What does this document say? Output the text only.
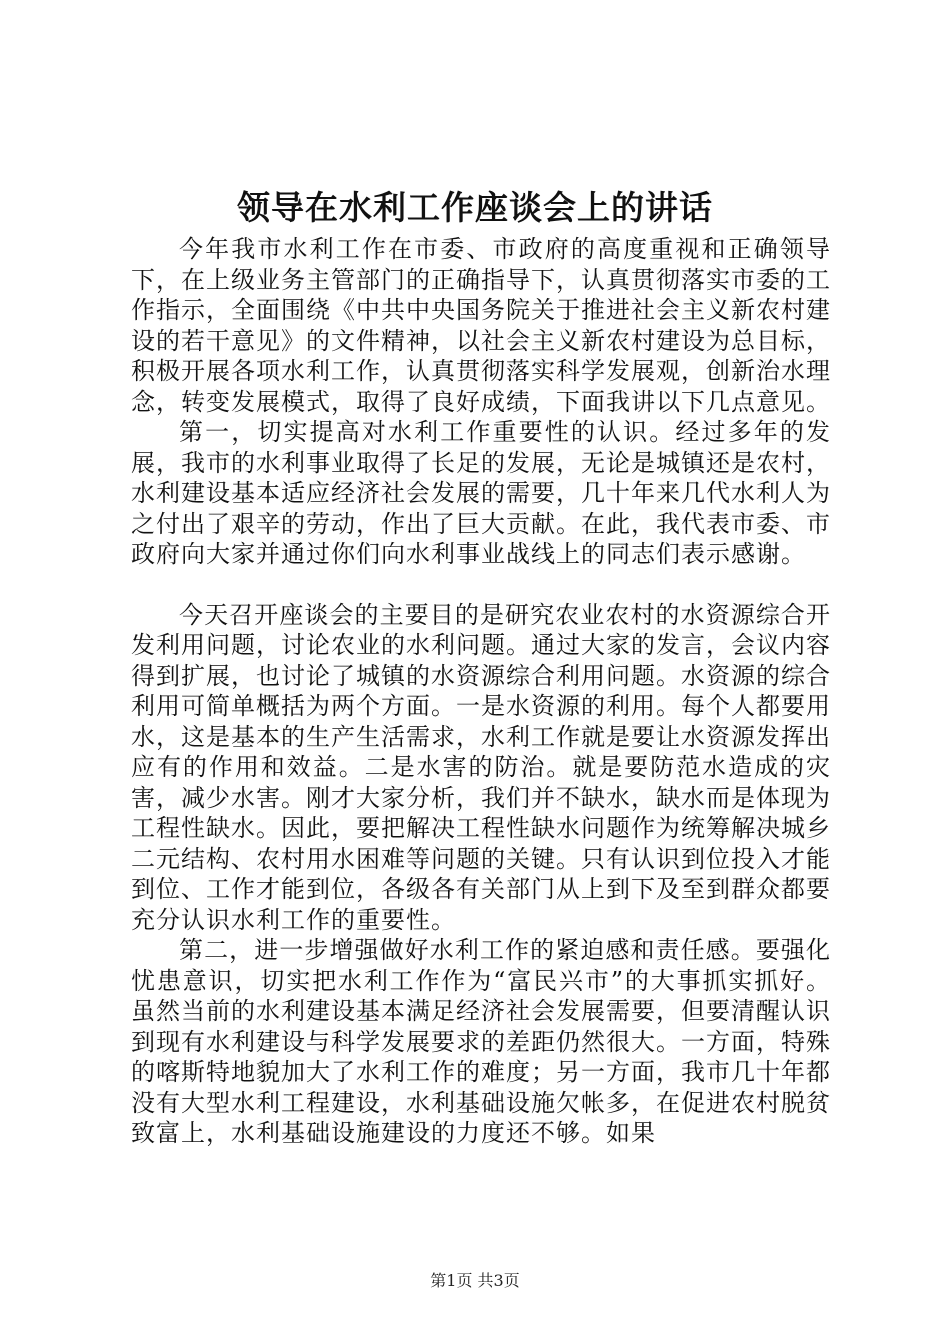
领导在水利工作座谈会上的讲话

今年我市水利工作在市委、市政府的高度重视和正确领导下，在上级业务主管部门的正确指导下，认真贯彻落实市委的工作指示，全面围绕《中共中央国务院关于推进社会主义新农村建设的若干意见》的文件精神，以社会主义新农村建设为总目标，积极开展各项水利工作，认真贯彻落实科学发展观，创新治水理念，转变发展模式，取得了良好成绩，下面我讲以下几点意见。

第一，切实提高对水利工作重要性的认识。经过多年的发展，我市的水利事业取得了长足的发展，无论是城镇还是农村，水利建设基本适应经济社会发展的需要，几十年来几代水利人为之付出了艰辛的劳动，作出了巨大贡献。在此，我代表市委、市政府向大家并通过你们向水利事业战线上的同志们表示感谢。

今天召开座谈会的主要目的是研究农业农村的水资源综合开发利用问题，讨论农业的水利问题。通过大家的发言，会议内容得到扩展，也讨论了城镇的水资源综合利用问题。水资源的综合利用可简单概括为两个方面。一是水资源的利用。每个人都要用水，这是基本的生产生活需求，水利工作就是要让水资源发挥出应有的作用和效益。二是水害的防治。就是要防范水造成的灾害，减少水害。刚才大家分析，我们并不缺水，缺水而是体现为工程性缺水。因此，要把解决工程性缺水问题作为统筹解决城乡二元结构、农村用水困难等问题的关键。只有认识到位投入才能到位、工作才能到位，各级各有关部门从上到下及至到群众都要充分认识水利工作的重要性。

第二，进一步增强做好水利工作的紧迫感和责任感。要强化忧患意识，切实把水利工作作为“富民兴市”的大事抓实抓好。虽然当前的水利建设基本满足经济社会发展需要，但要清醒认识到现有水利建设与科学发展要求的差距仍然很大。一方面，特殊的喀斯特地貌加大了水利工作的难度；另一方面，我市几十年都没有大型水利工程建设，水利基础设施欠帐多，在促进农村脱贫致富上，水利基础设施建设的力度还不够。如果

第1页 共3页
